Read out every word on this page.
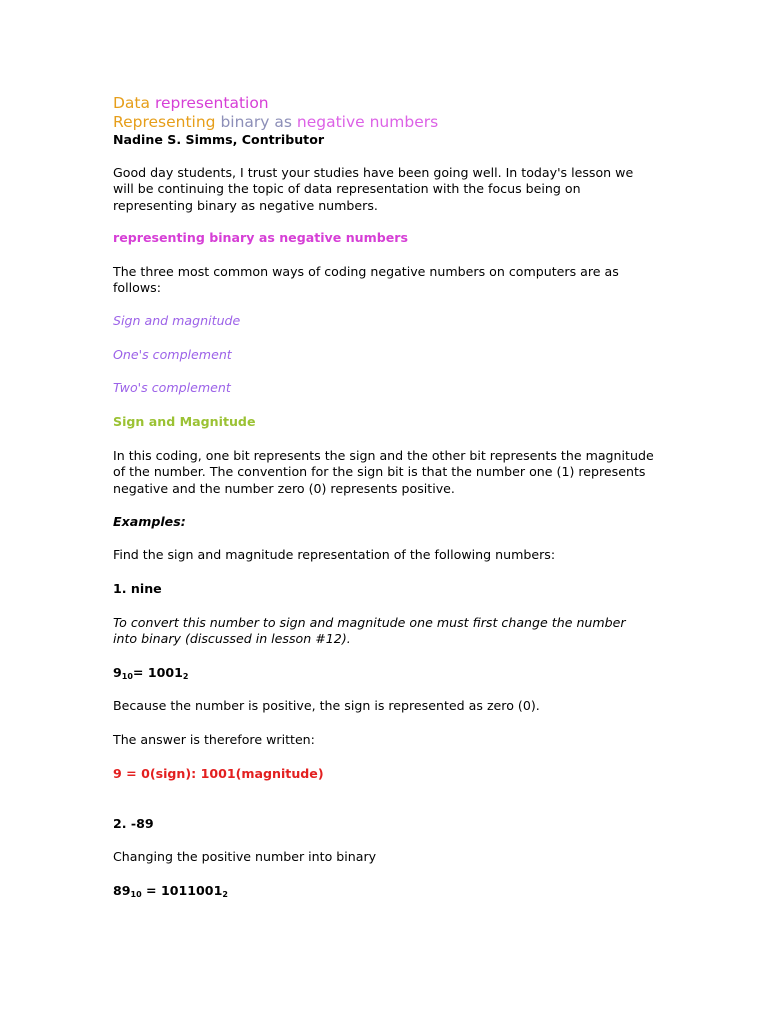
Data representation

Representing binary as negative numbers

Nadine S. Simms, Contributor

Good day students, I trust your studies have been going well. In today's lesson we will be continuing the topic of data representation with the focus being on representing binary as negative numbers.

representing binary as negative numbers

The three most common ways of coding negative numbers on computers are as follows:

Sign and magnitude

One's complement

Two's complement

Sign and Magnitude

In this coding, one bit represents the sign and the other bit represents the magnitude of the number. The convention for the sign bit is that the number one (1) represents negative and the number zero (0) represents positive.

Examples:

Find the sign and magnitude representation of the following numbers:

1. nine

To convert this number to sign and magnitude one must first change the number into binary (discussed in lesson #12).

$9_{10}= 1001_2$

Because the number is positive, the sign is represented as zero (0).

The answer is therefore written:

9 = 0(sign): 1001(magnitude)

2. -89

Changing the positive number into binary

$89_{10} = 1011001_2$
